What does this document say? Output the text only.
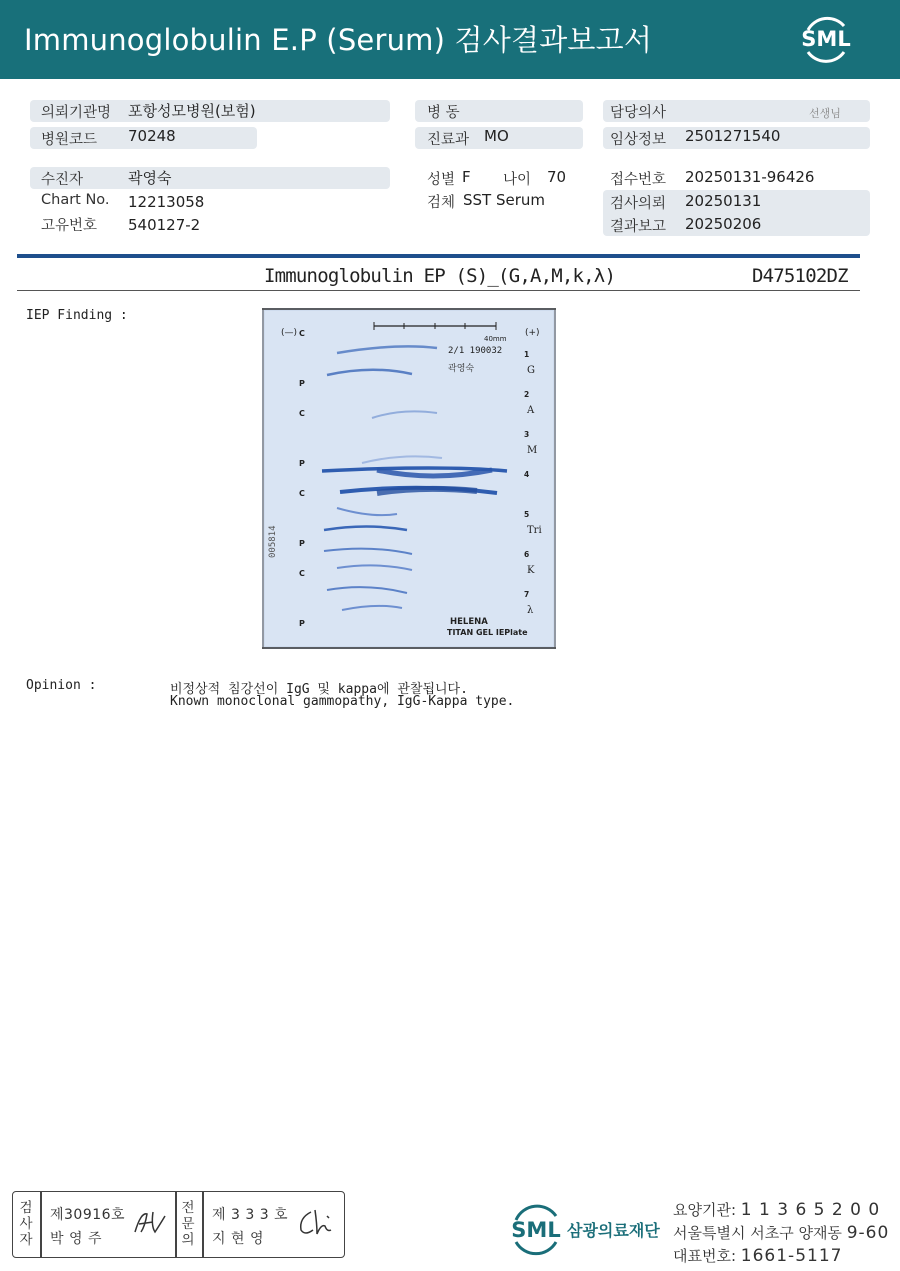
Immunoglobulin E.P (Serum) 검사결과보고서	SML
의뢰기관명 포항성모병원(보험)
병원코드 70248
병 동
진료과 MO
담당의사	선생님
임상정보 2501271540
수진자	곽영숙
Chart No. 12213058
고유번호 540127-2
성별 F 나이 70
검체 SST Serum
접수번호 20250131-96426
검사의뢰 20250131
결과보고 20250206
Immunoglobulin EP (S)_(G,A,M,k,λ)	D475102DZ
IEP Finding :
(—)	(+)
40mm
2/1 190032
곽영숙
005814
HELENA
TITAN GEL IEPlate
C
P
C
P
C
P
C
P
1
2
3
4
5
6
7
G
A
M
Tri
K
λ
Opinion :	비정상적 침강선이 IgG 및 kappa에 관찰됩니다.
Known monoclonal gammopathy, IgG-Kappa type.
검
사
자
제30916호
박 영 주
전
문
의
제 3 3 3 호
지 현 영	SML 삼광의료재단
요양기관: 1 1 3 6 5 2 0 0
서울특별시 서초구 양재동 9-60
대표번호: 1661-5117
